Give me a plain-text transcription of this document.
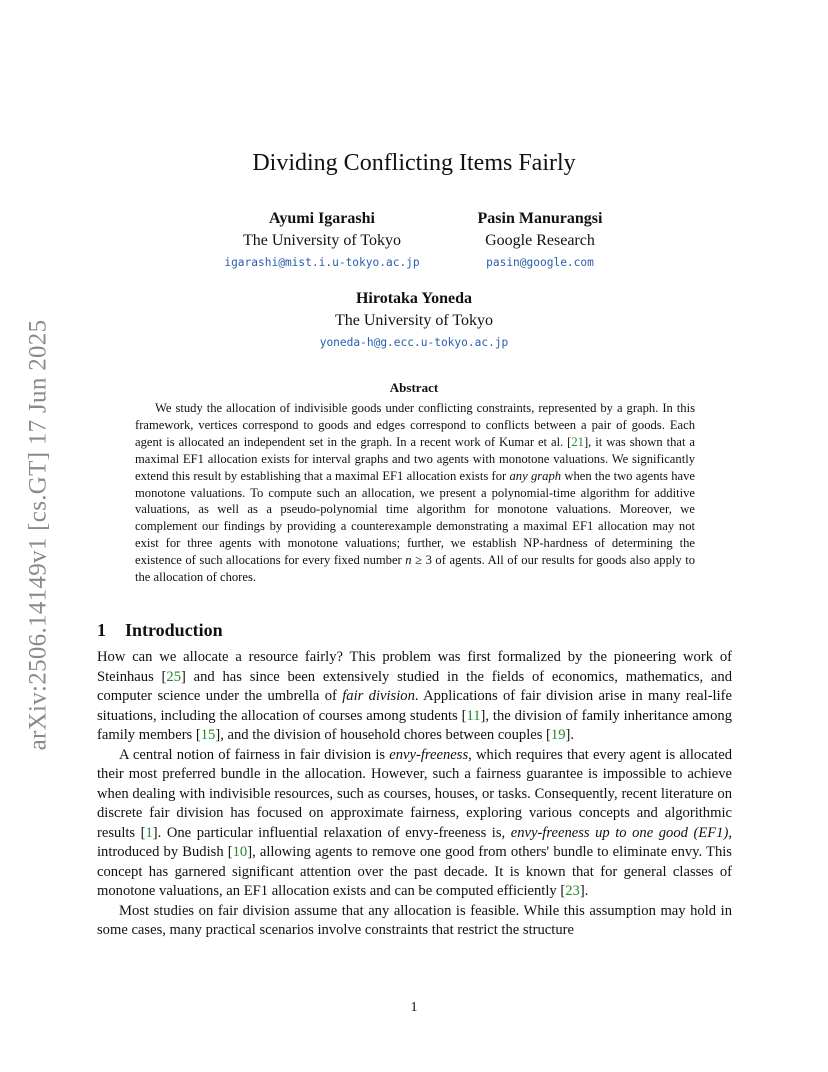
arXiv:2506.14149v1 [cs.GT] 17 Jun 2025
Dividing Conflicting Items Fairly
Ayumi Igarashi
The University of Tokyo
igarashi@mist.i.u-tokyo.ac.jp
Pasin Manurangsi
Google Research
pasin@google.com
Hirotaka Yoneda
The University of Tokyo
yoneda-h@g.ecc.u-tokyo.ac.jp
Abstract

We study the allocation of indivisible goods under conflicting constraints, represented by a graph. In this framework, vertices correspond to goods and edges correspond to conflicts between a pair of goods. Each agent is allocated an independent set in the graph. In a recent work of Kumar et al. [21], it was shown that a maximal EF1 allocation exists for interval graphs and two agents with monotone valuations. We significantly extend this result by establishing that a maximal EF1 allocation exists for any graph when the two agents have monotone valuations. To compute such an allocation, we present a polynomial-time algorithm for additive valuations, as well as a pseudo-polynomial time algorithm for monotone valuations. Moreover, we complement our findings by providing a counterexample demonstrating a maximal EF1 allocation may not exist for three agents with monotone valuations; further, we establish NP-hardness of determining the existence of such allocations for every fixed number n ≥ 3 of agents. All of our results for goods also apply to the allocation of chores.

1 Introduction

How can we allocate a resource fairly? This problem was first formalized by the pioneering work of Steinhaus [25] and has since been extensively studied in the fields of economics, mathematics, and computer science under the umbrella of fair division. Applications of fair division arise in many real-life situations, including the allocation of courses among students [11], the division of family inheritance among family members [15], and the division of household chores between couples [19].

A central notion of fairness in fair division is envy-freeness, which requires that every agent is allocated their most preferred bundle in the allocation. However, such a fairness guarantee is impossible to achieve when dealing with indivisible resources, such as courses, houses, or tasks. Consequently, recent literature on discrete fair division has focused on approximate fairness, exploring various concepts and algorithmic results [1]. One particular influential relaxation of envy-freeness is, envy-freeness up to one good (EF1), introduced by Budish [10], allowing agents to remove one good from others' bundle to eliminate envy. This concept has garnered significant attention over the past decade. It is known that for general classes of monotone valuations, an EF1 allocation exists and can be computed efficiently [23].

Most studies on fair division assume that any allocation is feasible. While this assumption may hold in some cases, many practical scenarios involve constraints that restrict the structure

1
